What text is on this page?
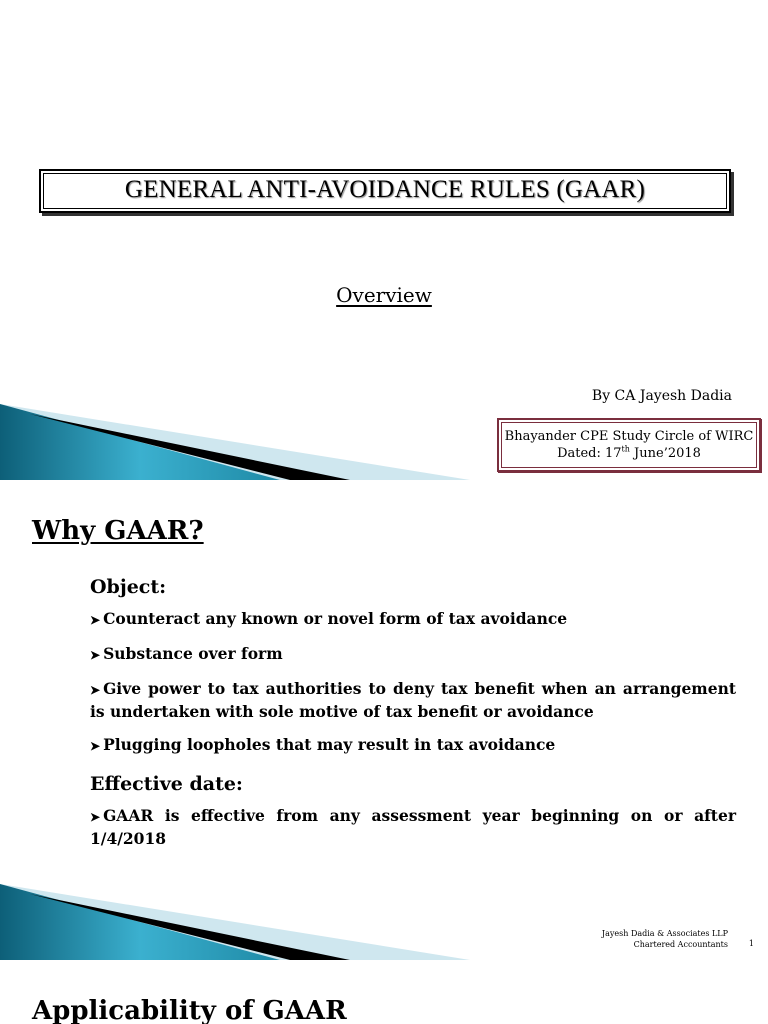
GENERAL ANTI-AVOIDANCE RULES (GAAR)
Overview
By CA Jayesh Dadia
Bhayander CPE Study Circle of WIRC
Dated: 17th June’2018
Why GAAR?
Object:
➤ Counteract any known or novel form of tax avoidance
➤ Substance over form
➤ Give power to tax authorities to deny tax benefit when an arrangement is undertaken with sole motive of tax benefit or avoidance
➤ Plugging loopholes that may result in tax avoidance
Effective date:
➤ GAAR is effective from any assessment year beginning on or after 1/4/2018
Jayesh Dadia & Associates LLP
Chartered Accountants	1
Applicability of GAAR
